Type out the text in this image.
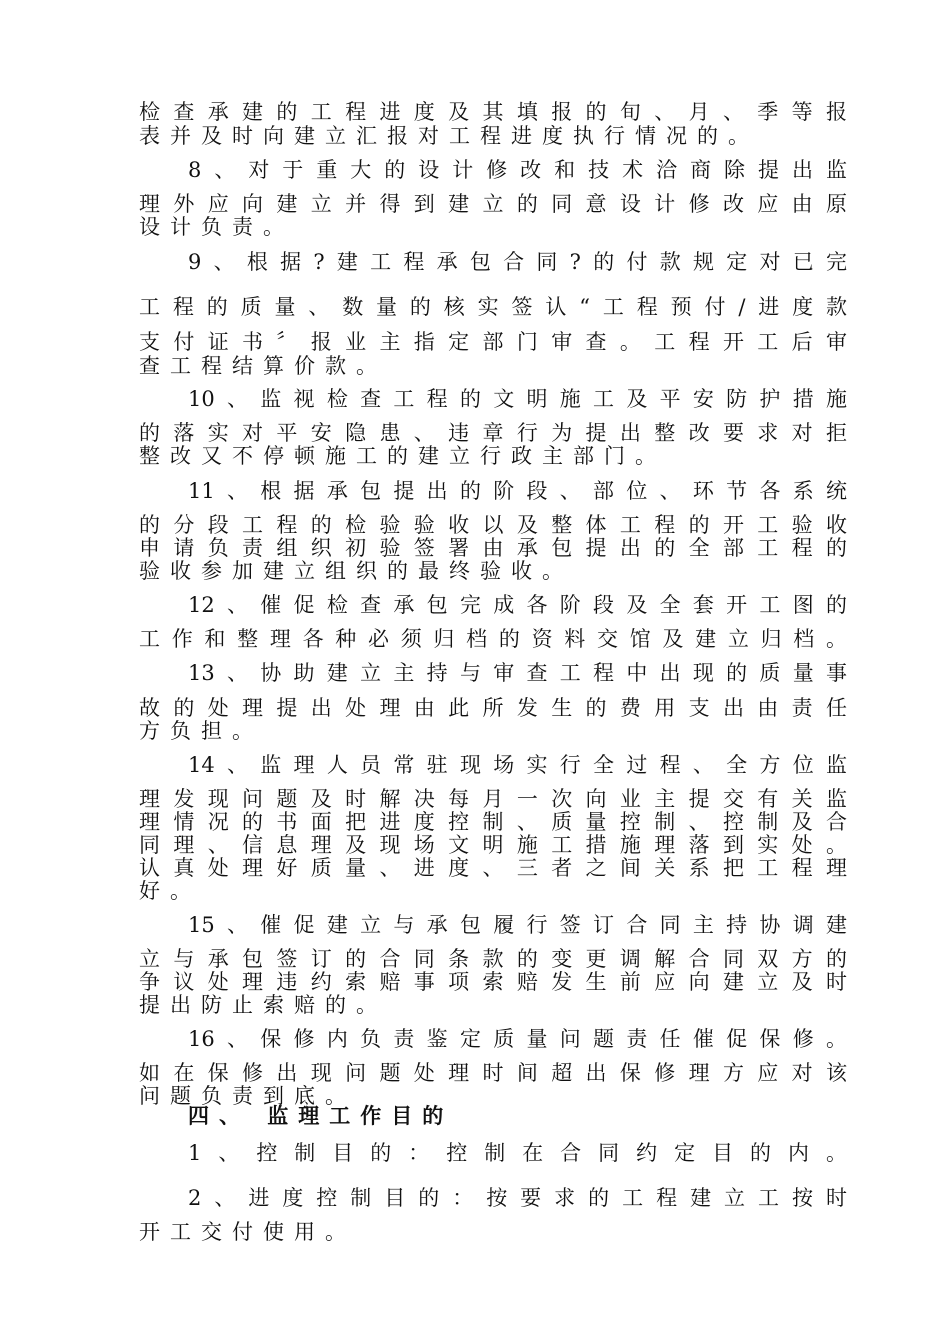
检查承建的工程进度及其填报的旬、月、季等报
表并及时向建立汇报对工程进度执行情况的。
8、对于重大的设计修改和技术洽商除提出监
理外应向建立并得到建立的同意设计修改应由原
设计负责。
9、根据?建工程承包合同?的付款规定对已完
工程的质量、数量的核实签认“工程预付/进度款
支付证书〞报业主指定部门审查。工程开工后审
查工程结算价款。
10、监视检查工程的文明施工及平安防护措施
的落实对平安隐患、违章行为提出整改要求对拒
整改又不停顿施工的建立行政主部门。
11、根据承包提出的阶段、部位、环节各系统
的分段工程的检验验收以及整体工程的开工验收
申请负责组织初验签署由承包提出的全部工程的
验收参加建立组织的最终验收。
12、催促检查承包完成各阶段及全套开工图的
工作和整理各种必须归档的资料交馆及建立归档。
13、协助建立主持与审查工程中出现的质量事
故的处理提出处理由此所发生的费用支出由责任
方负担。
14、监理人员常驻现场实行全过程、全方位监
理发现问题及时解决每月一次向业主提交有关监
理情况的书面把进度控制、质量控制、控制及合
同理、信息理及现场文明施工措施理落到实处。
认真处理好质量、进度、三者之间关系把工程理
好。
15、催促建立与承包履行签订合同主持协调建
立与承包签订的合同条款的变更调解合同双方的
争议处理违约索赔事项索赔发生前应向建立及时
提出防止索赔的。
16、保修内负责鉴定质量问题责任催促保修。
如在保修出现问题处理时间超出保修理方应对该
问题负责到底。
四、 监理工作目的
1、控制目的：控制在合同约定目的内。
2、进度控制目的：按要求的工程建立工按时
开工交付使用。
